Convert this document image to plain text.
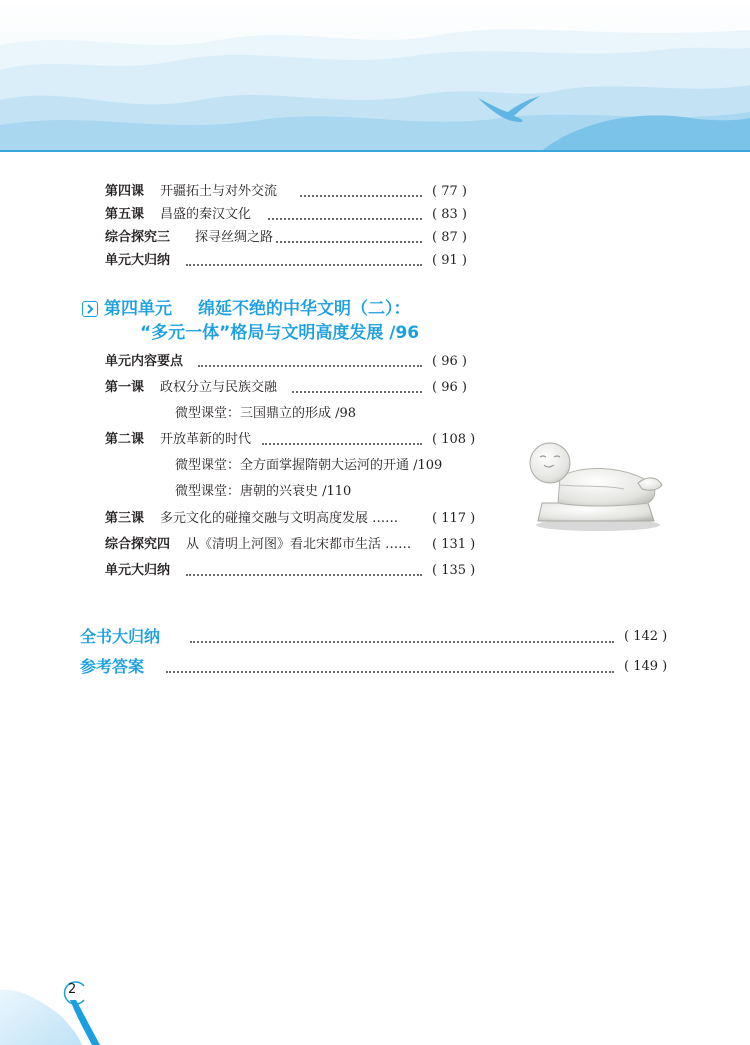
第四课 开疆拓土与对外交流	( 77 )
第五课 昌盛的秦汉文化	( 83 )
综合探究三 探寻丝绸之路	( 87 )
单元大归纳	( 91 )
第四单元 绵延不绝的中华文明（二）：
“多元一体”格局与文明高度发展 /96
单元内容要点	( 96 )
第一课 政权分立与民族交融	( 96 )
微型课堂：三国鼎立的形成 /98
第二课 开放革新的时代	( 108 )
微型课堂：全方面掌握隋朝大运河的开通 /109
微型课堂：唐朝的兴衰史 /110
第三课 多元文化的碰撞交融与文明高度发展 ……	( 117 )
综合探究四 从《清明上河图》看北宋都市生活 …… ( 131 )
单元大归纳	( 135 )
全书大归纳	( 142 )
参考答案	( 149 )
2
